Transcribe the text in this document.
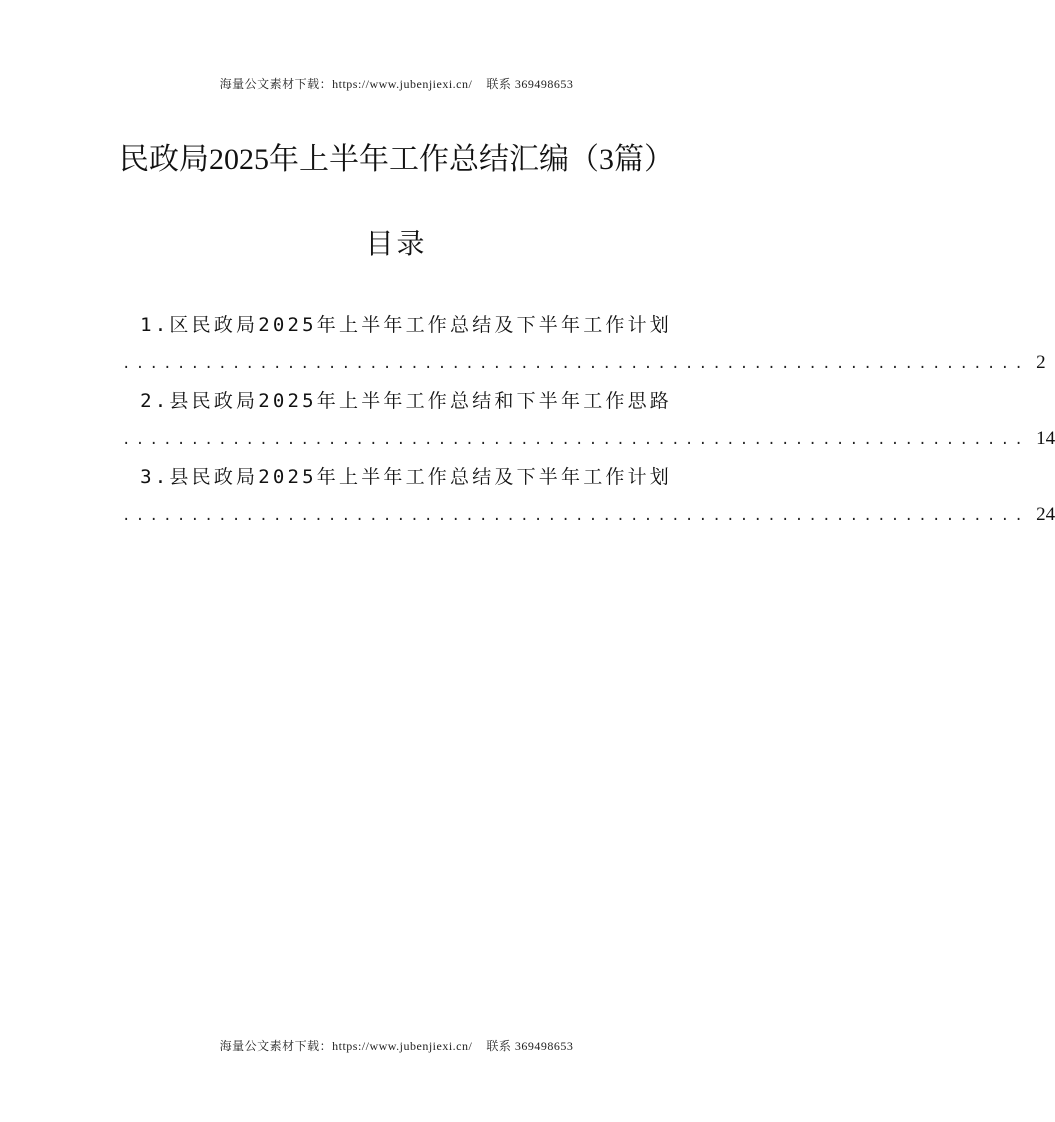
海量公文素材下载：https://www.jubenjiexi.cn/ 联系 369498653
民政局2025年上半年工作总结汇编（3篇）
目录
1.区民政局2025年上半年工作总结及下半年工作计划
.................................................................. 2
2.县民政局2025年上半年工作总结和下半年工作思路
.................................................................. 14
3.县民政局2025年上半年工作总结及下半年工作计划
.................................................................. 24
海量公文素材下载：https://www.jubenjiexi.cn/ 联系 369498653
